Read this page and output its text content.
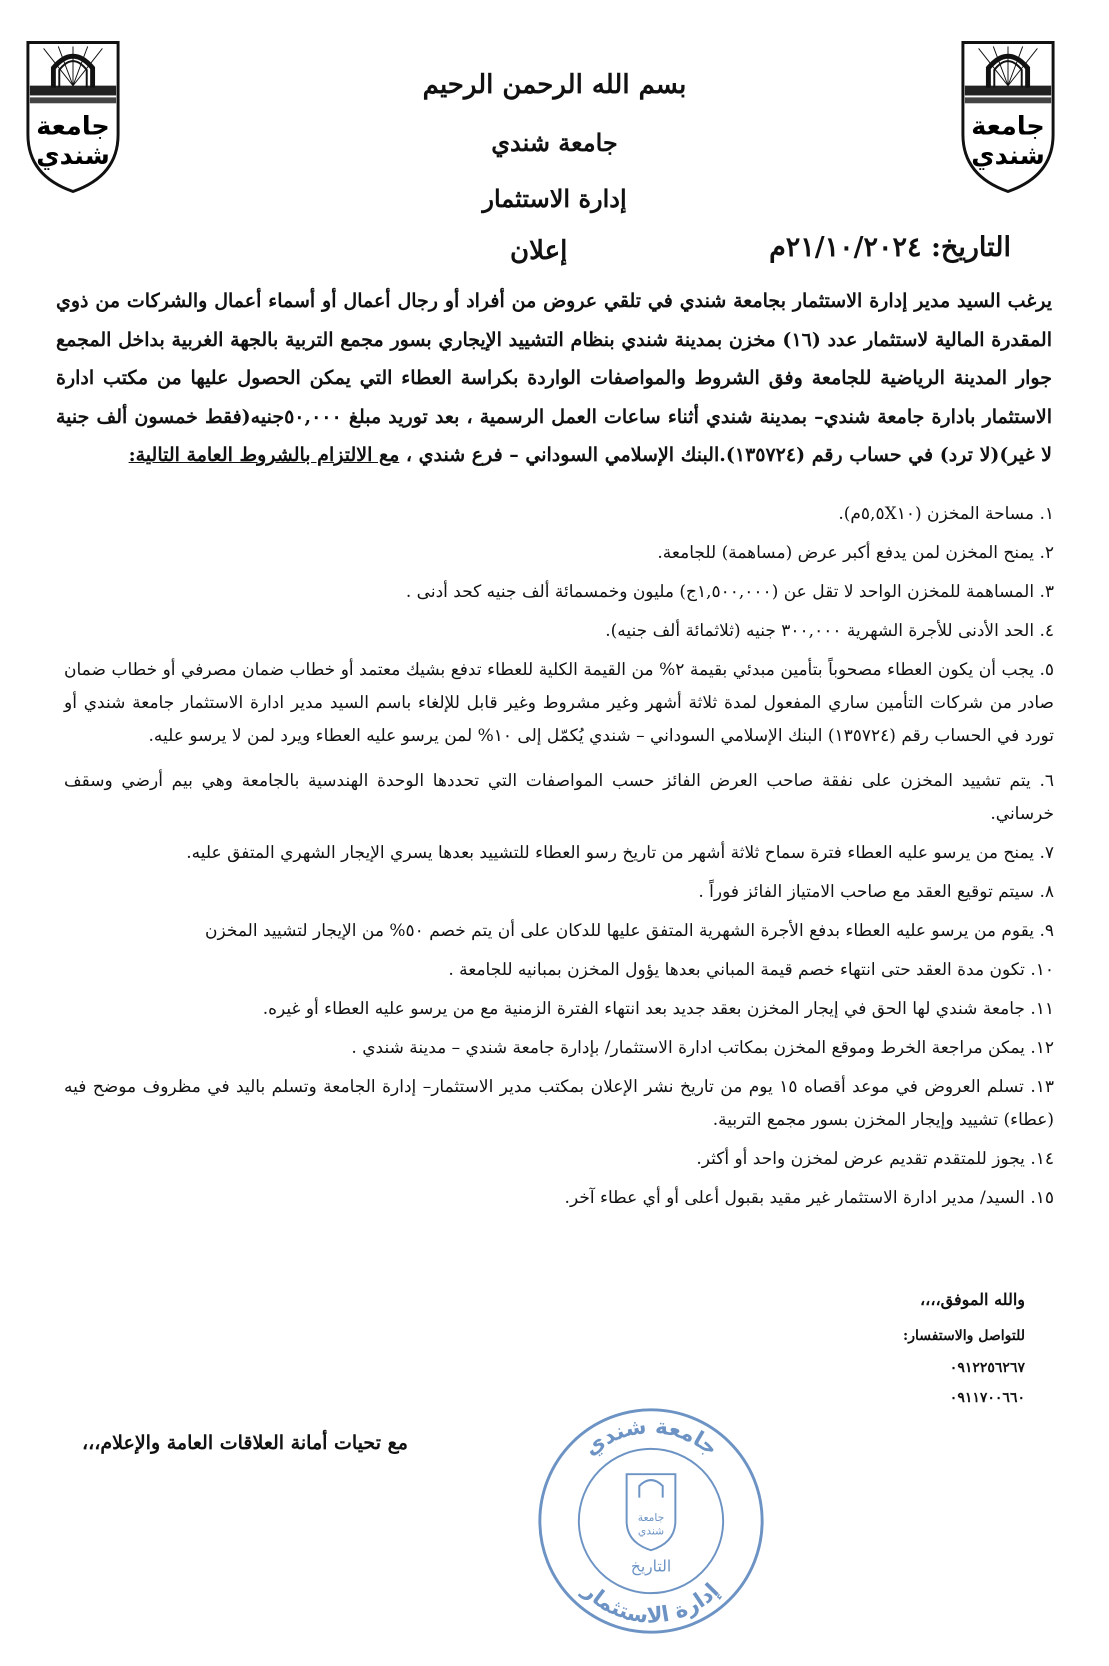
جامعة
شندي
جامعة
شندي
بسم الله الرحمن الرحيم
جامعة شندي
إدارة الاستثمار
التاريخ: ٢١/١٠/٢٠٢٤م
إعلان
يرغب السيد مدير إدارة الاستثمار بجامعة شندي في تلقي عروض من أفراد أو رجال أعمال أو أسماء أعمال والشركات من ذوي المقدرة المالية لاستثمار عدد (١٦) مخزن بمدينة شندي بنظام التشييد الإيجاري بسور مجمع التربية بالجهة الغربية بداخل المجمع جوار المدينة الرياضية للجامعة وفق الشروط والمواصفات الواردة بكراسة العطاء التي يمكن الحصول عليها من مكتب ادارة الاستثمار بادارة جامعة شندي– بمدينة شندي أثناء ساعات العمل الرسمية ، بعد توريد مبلغ ٥٠,٠٠٠جنيه(فقط خمسون ألف جنية لا غير)(لا ترد) في حساب رقم (١٣٥٧٢٤).البنك الإسلامي السوداني – فرع شندي ، مع الالتزام بالشروط العامة التالية:
١. مساحة المخزن (٥,٥X١٠م).
٢. يمنح المخزن لمن يدفع أكبر عرض (مساهمة) للجامعة.
٣. المساهمة للمخزن الواحد لا تقل عن (١,٥٠٠,٠٠٠ج) مليون وخمسمائة ألف جنيه كحد أدنى .
٤. الحد الأدنى للأجرة الشهرية ٣٠٠,٠٠٠ جنيه (ثلاثمائة ألف جنيه).
٥. يجب أن يكون العطاء مصحوباً بتأمين مبدئي بقيمة ٢% من القيمة الكلية للعطاء تدفع بشيك معتمد أو خطاب ضمان مصرفي أو خطاب ضمان صادر من شركات التأمين ساري المفعول لمدة ثلاثة أشهر وغير مشروط وغير قابل للإلغاء باسم السيد مدير ادارة الاستثمار جامعة شندي أو تورد في الحساب رقم (١٣٥٧٢٤) البنك الإسلامي السوداني – شندي يُكمّل إلى ١٠% لمن يرسو عليه العطاء ويرد لمن لا يرسو عليه.
٦. يتم تشييد المخزن على نفقة صاحب العرض الفائز حسب المواصفات التي تحددها الوحدة الهندسية بالجامعة وهي بيم أرضي وسقف خرساني.
٧. يمنح من يرسو عليه العطاء فترة سماح ثلاثة أشهر من تاريخ رسو العطاء للتشييد بعدها يسري الإيجار الشهري المتفق عليه.
٨. سيتم توقيع العقد مع صاحب الامتياز الفائز فوراً .
٩. يقوم من يرسو عليه العطاء بدفع الأجرة الشهرية المتفق عليها للدكان على أن يتم خصم ٥٠% من الإيجار لتشييد المخزن
١٠. تكون مدة العقد حتى انتهاء خصم قيمة المباني بعدها يؤول المخزن بمبانيه للجامعة .
١١. جامعة شندي لها الحق في إيجار المخزن بعقد جديد بعد انتهاء الفترة الزمنية مع من يرسو عليه العطاء أو غيره.
١٢. يمكن مراجعة الخرط وموقع المخزن بمكاتب ادارة الاستثمار/ بإدارة جامعة شندي – مدينة شندي .
١٣. تسلم العروض في موعد أقصاه ١٥ يوم من تاريخ نشر الإعلان بمكتب مدير الاستثمار– إدارة الجامعة وتسلم باليد في مظروف موضح فيه (عطاء) تشييد وإيجار المخزن بسور مجمع التربية.
١٤. يجوز للمتقدم تقديم عرض لمخزن واحد أو أكثر.
١٥. السيد/ مدير ادارة الاستثمار غير مقيد بقبول أعلى أو أي عطاء آخر.
والله الموفق،،،،
للتواصل والاستفسار:
٠٩١٢٢٥٦٢٦٧
٠٩١١٧٠٠٦٦٠
مع تحيات أمانة العلاقات العامة والإعلام،،،	جامعة شندي
إدارة الاستثمار
جامعة
شندي
التاريخ
